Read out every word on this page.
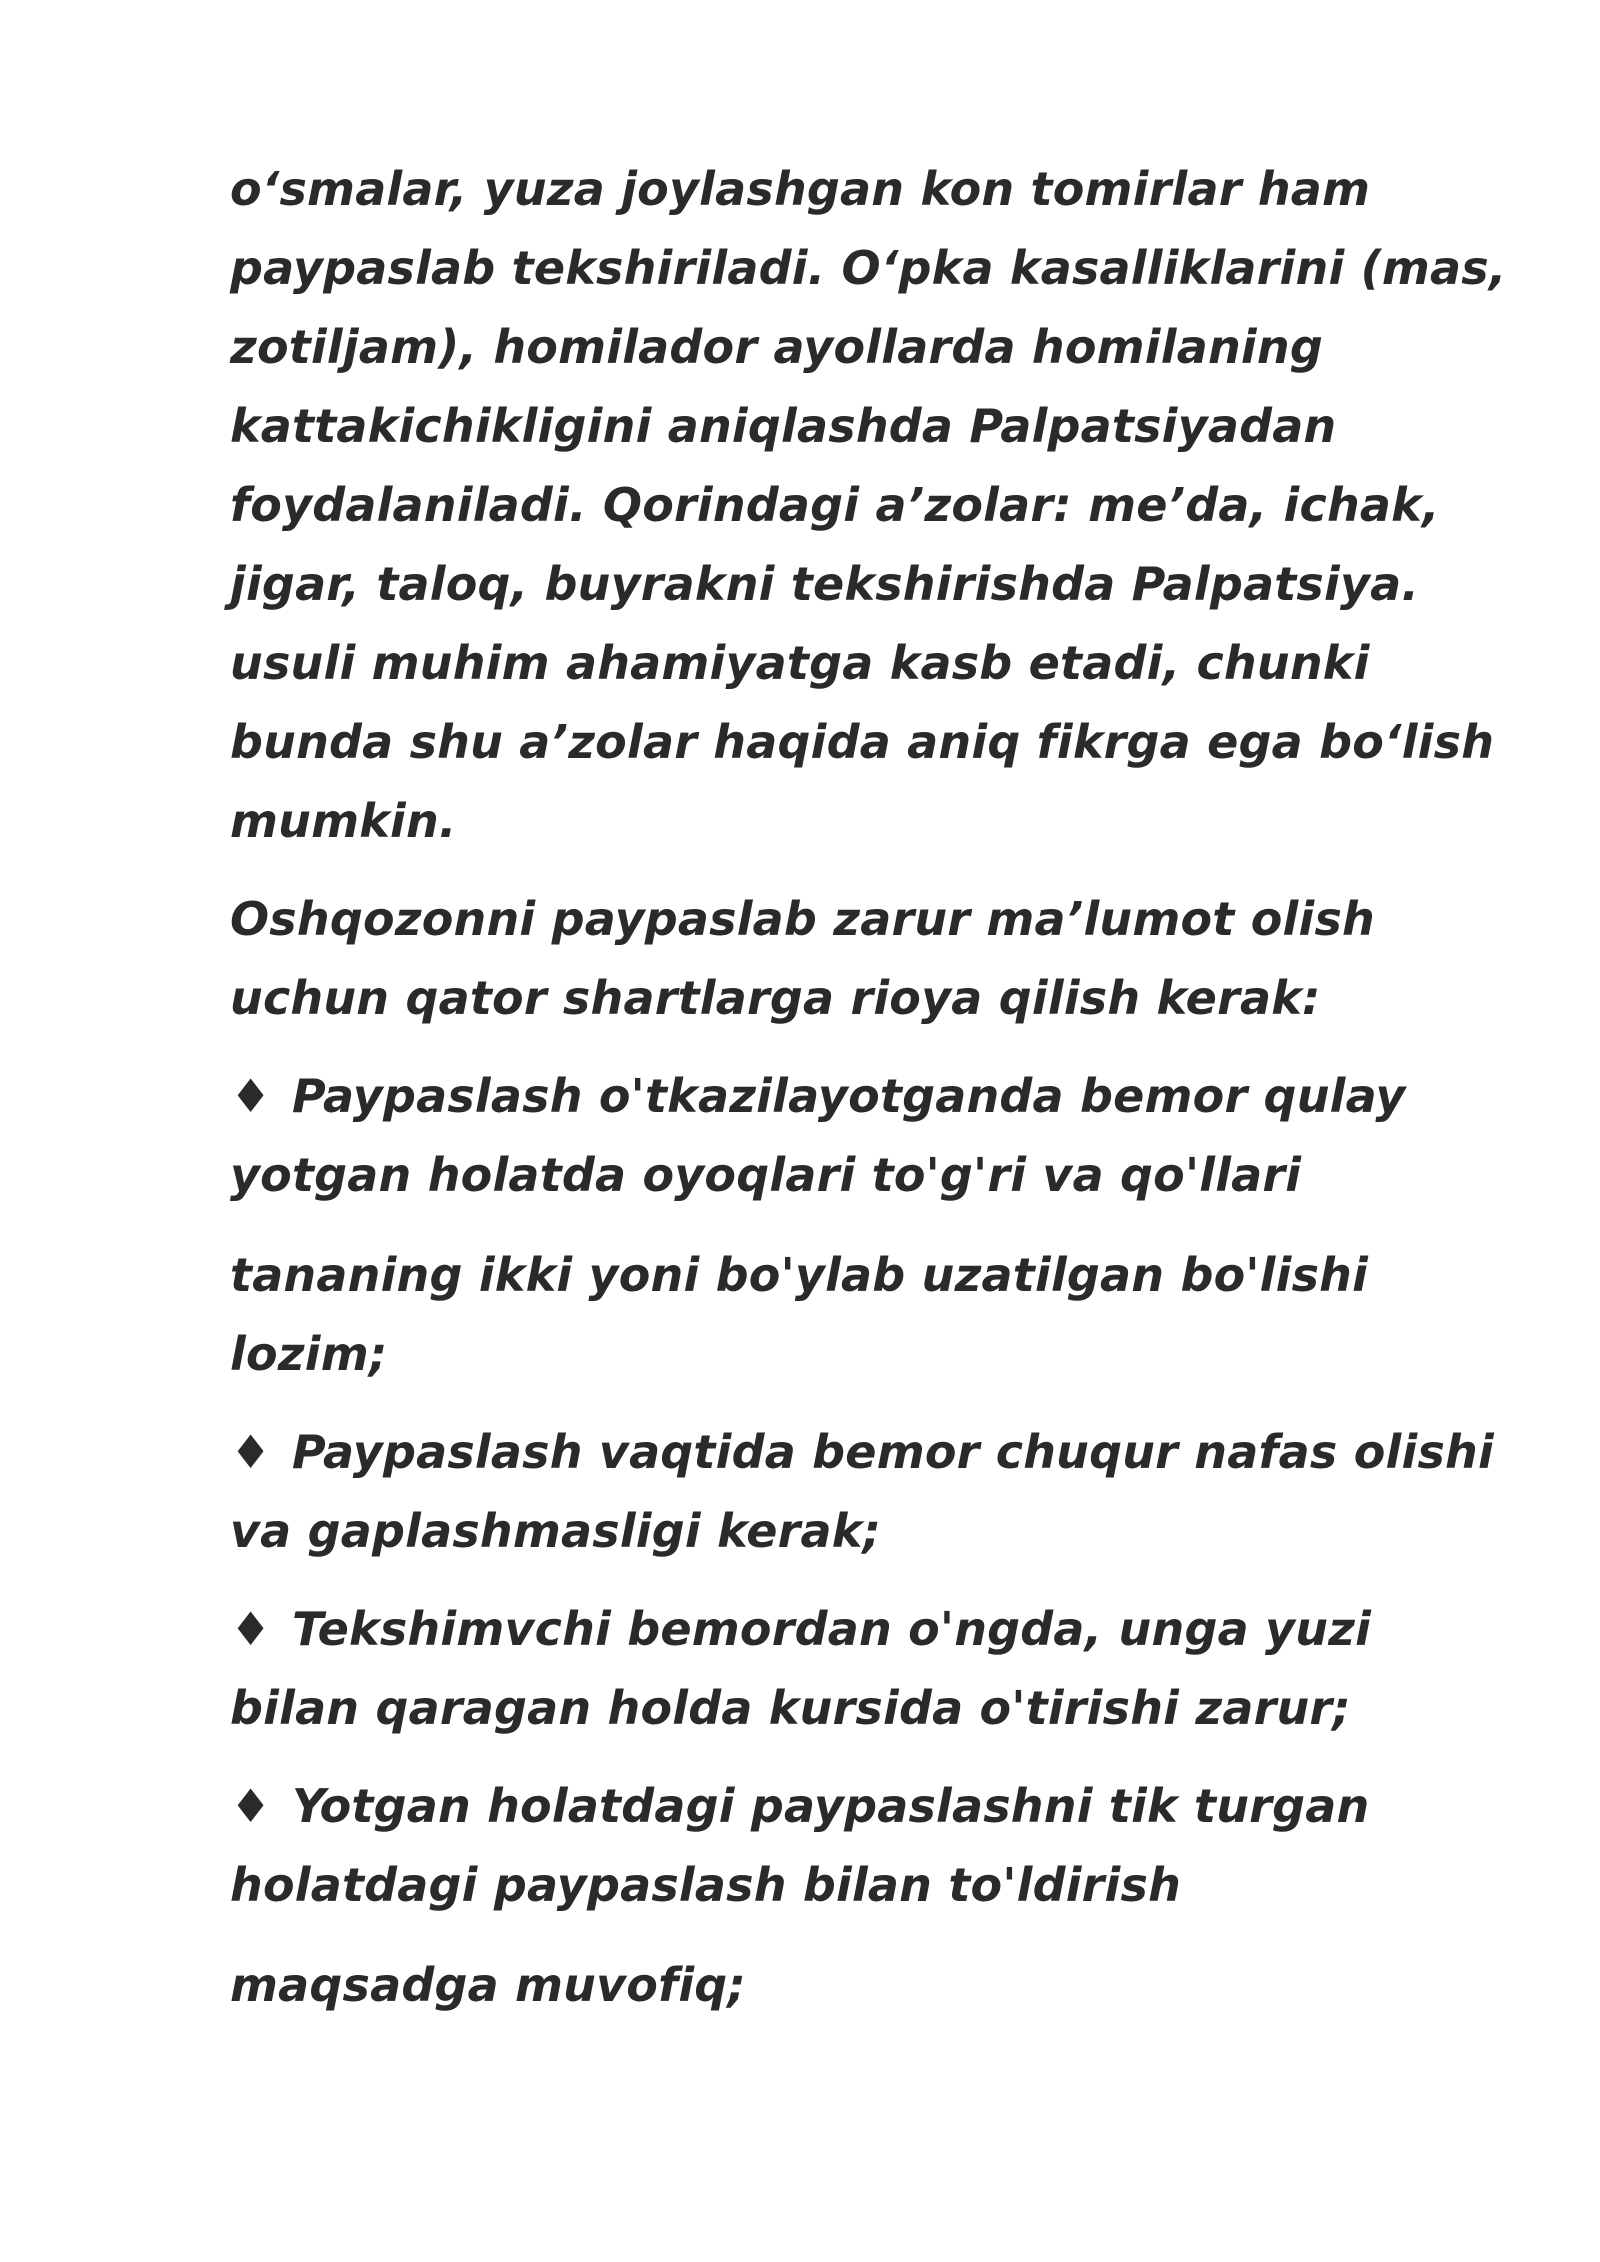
oʻsmalar, yuza joylashgan kon tomirlar ham
paypaslab tekshiriladi. Oʻpka kasalliklarini (mas,
zotiljam), homilador ayollarda homilaning
kattakichikligini aniqlashda Palpatsiyadan
foydalaniladi. Qorindagi a’zolar: me’da, ichak,
jigar, taloq, buyrakni tekshirishda Palpatsiya.
usuli muhim ahamiyatga kasb etadi, chunki
bunda shu a’zolar haqida aniq fikrga ega boʻlish
mumkin.
Oshqozonni paypaslab zarur ma’lumot olish
uchun qator shartlarga rioya qilish kerak:
♦ Paypaslash o'tkazilayotganda bemor qulay
yotgan holatda oyoqlari to'g'ri va qo'llari
tananing ikki yoni bo'ylab uzatilgan bo'lishi
lozim;
♦ Paypaslash vaqtida bemor chuqur nafas olishi
va gaplashmasligi kerak;
♦ Tekshimvchi bemordan o'ngda, unga yuzi
bilan qaragan holda kursida o'tirishi zarur;
♦ Yotgan holatdagi paypaslashni tik turgan
holatdagi paypaslash bilan to'ldirish
maqsadga muvofiq;
